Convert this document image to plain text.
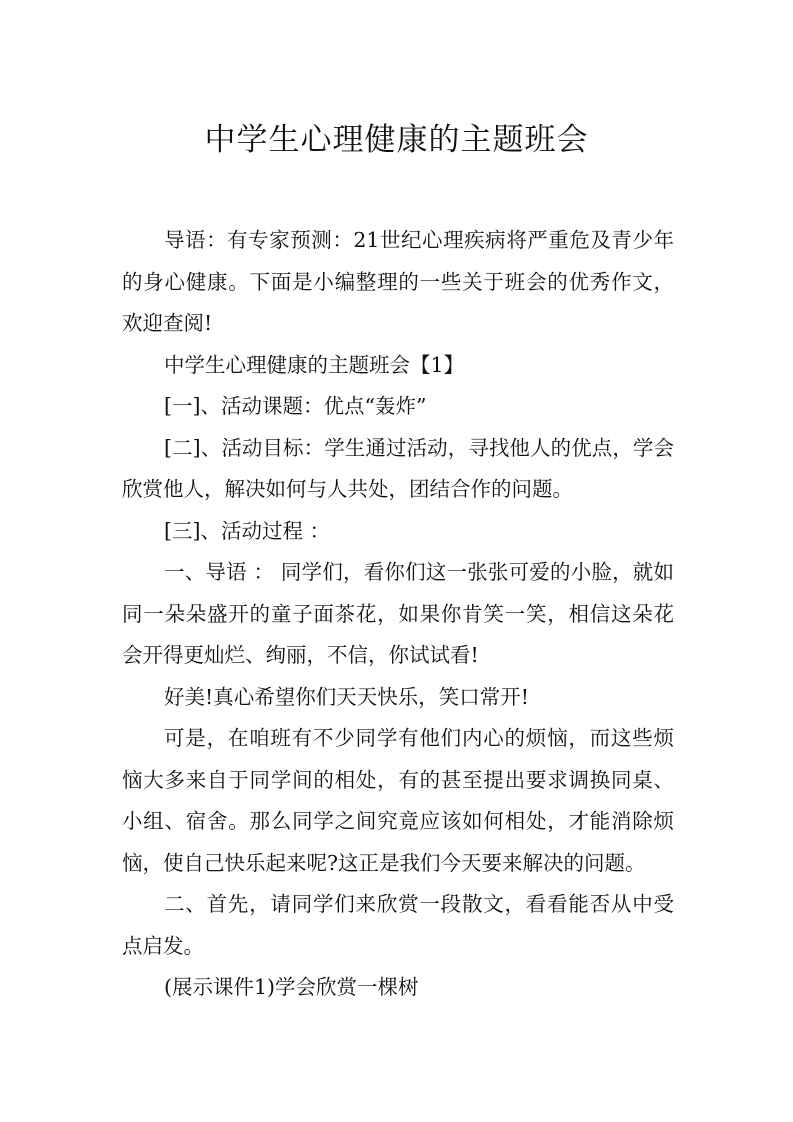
中学生心理健康的主题班会

导语：有专家预测：21世纪心理疾病将严重危及青少年的身心健康。下面是小编整理的一些关于班会的优秀作文，欢迎查阅!

中学生心理健康的主题班会【1】

[一]、活动课题：优点“轰炸”

[二]、活动目标：学生通过活动，寻找他人的优点，学会欣赏他人，解决如何与人共处，团结合作的问题。

[三]、活动过程 ：

一、导语 ： 同学们，看你们这一张张可爱的小脸，就如同一朵朵盛开的童子面茶花，如果你肯笑一笑，相信这朵花会开得更灿烂、绚丽，不信，你试试看!

好美!真心希望你们天天快乐，笑口常开!

可是，在咱班有不少同学有他们内心的烦恼，而这些烦恼大多来自于同学间的相处，有的甚至提出要求调换同桌、小组、宿舍。那么同学之间究竟应该如何相处，才能消除烦恼，使自己快乐起来呢?这正是我们今天要来解决的问题。

二、首先，请同学们来欣赏一段散文，看看能否从中受点启发。

(展示课件1)学会欣赏一棵树
